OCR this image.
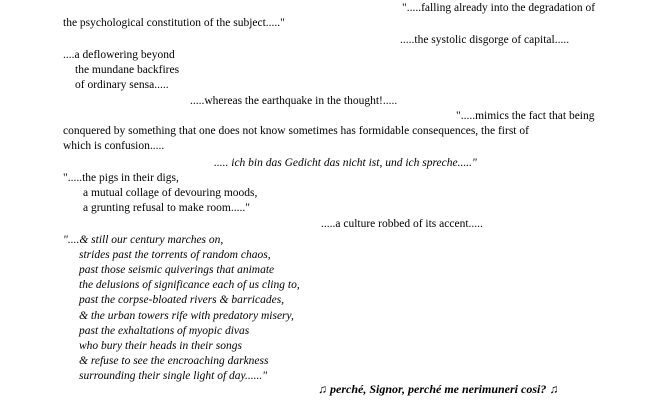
".....falling already into the degradation of
the psychological constitution of the subject....."
.....the systolic disgorge of capital.....
....a deflowering beyond
the mundane backfires
of ordinary sensa.....
.....whereas the earthquake in the thought!.....
".....mimics the fact that being
conquered by something that one does not know sometimes has formidable consequences, the first of
which is confusion.....
..... ich bin das Gedicht das nicht ist, und ich spreche....."
".....the pigs in their digs,
a mutual collage of devouring moods,
a grunting refusal to make room....."
.....a culture robbed of its accent.....
"....& still our century marches on,
strides past the torrents of random chaos,
past those seismic quiverings that animate
the delusions of significance each of us cling to,
past the corpse-bloated rivers & barricades,
& the urban towers rife with predatory misery,
past the exhaltations of myopic divas
who bury their heads in their songs
& refuse to see the encroaching darkness
surrounding their single light of day......"
♫ perché, Signor, perché me nerimuneri cosi? ♫
